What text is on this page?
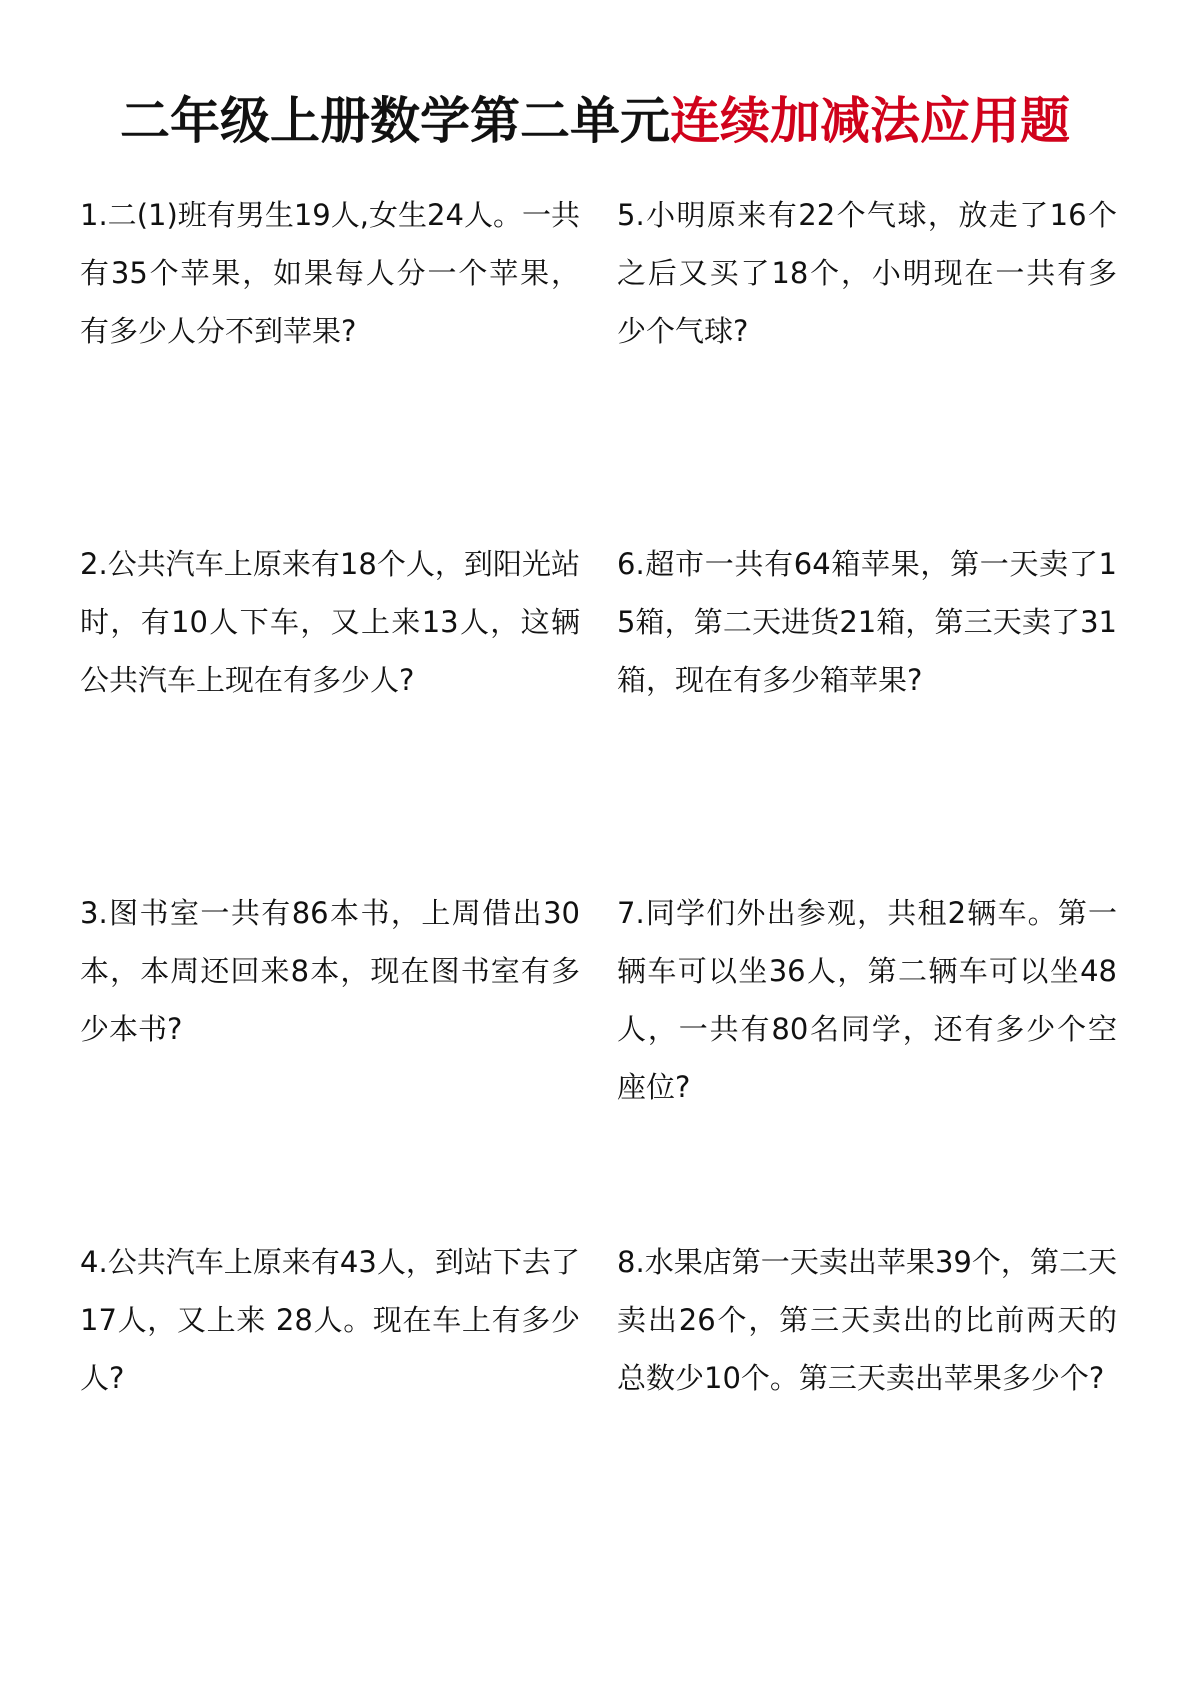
二年级上册数学第二单元连续加减法应用题
1.二(1)班有男生19人,女生24人。一共有35个苹果，如果每人分一个苹果，有多少人分不到苹果?
2.公共汽车上原来有18个人，到阳光站时，有10人下车，又上来13人，这辆公共汽车上现在有多少人?
3.图书室一共有86本书，上周借出30本，本周还回来8本，现在图书室有多少本书?
4.公共汽车上原来有43人，到站下去了17人，又上来 28人。现在车上有多少人?
5.小明原来有22个气球，放走了16个之后又买了18个，小明现在一共有多少个气球?
6.超市一共有64箱苹果，第一天卖了15箱，第二天进货21箱，第三天卖了31箱，现在有多少箱苹果?
7.同学们外出参观，共租2辆车。第一辆车可以坐36人，第二辆车可以坐48人，一共有80名同学，还有多少个空座位?
8.水果店第一天卖出苹果39个，第二天卖出26个，第三天卖出的比前两天的总数少10个。第三天卖出苹果多少个?
